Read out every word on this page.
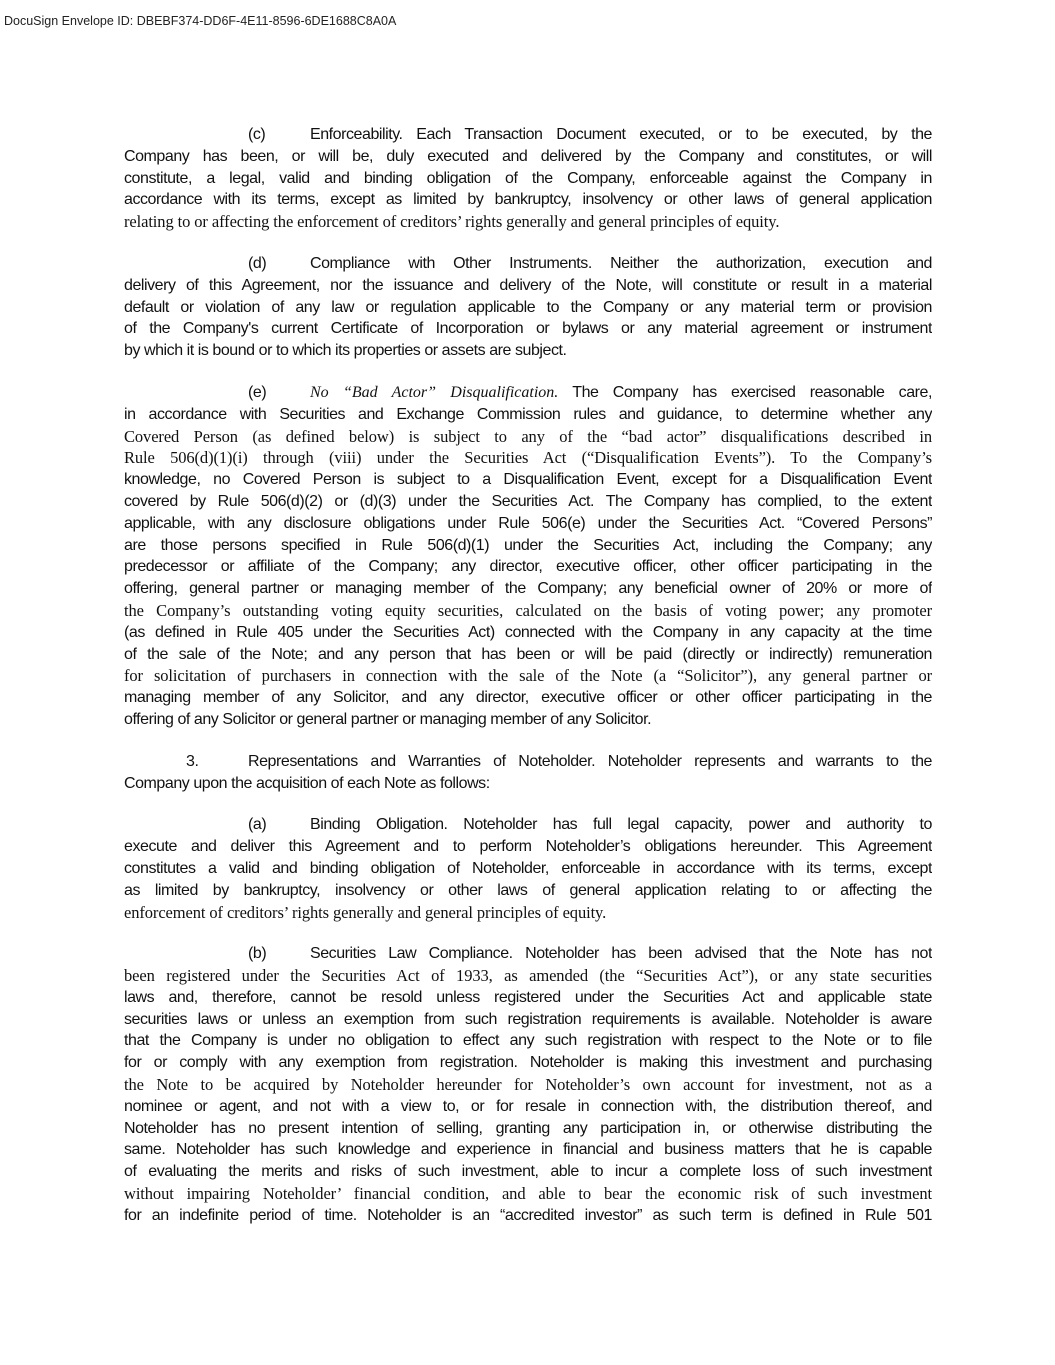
DocuSign Envelope ID: DBEBF374-DD6F-4E11-8596-6DE1688C8A0A
(c)	Enforceability. Each Transaction Document executed, or to be executed, by the
Company has been, or will be, duly executed and delivered by the Company and constitutes, or will
constitute, a legal, valid and binding obligation of the Company, enforceable against the Company in
accordance with its terms, except as limited by bankruptcy, insolvency or other laws of general application
relating to or affecting the enforcement of creditors’ rights generally and general principles of equity.
(d)	Compliance with Other Instruments. Neither the authorization, execution and
delivery of this Agreement, nor the issuance and delivery of the Note, will constitute or result in a material
default or violation of any law or regulation applicable to the Company or any material term or provision
of the Company's current Certificate of Incorporation or bylaws or any material agreement or instrument
by which it is bound or to which its properties or assets are subject.
(e)	No “Bad Actor” Disqualification. The Company has exercised reasonable care,
in accordance with Securities and Exchange Commission rules and guidance, to determine whether any
Covered Person (as defined below) is subject to any of the “bad actor” disqualifications described in
Rule 506(d)(1)(i) through (viii) under the Securities Act (“Disqualification Events”). To the Company’s
knowledge, no Covered Person is subject to a Disqualification Event, except for a Disqualification Event
covered by Rule 506(d)(2) or (d)(3) under the Securities Act. The Company has complied, to the extent
applicable, with any disclosure obligations under Rule 506(e) under the Securities Act. “Covered Persons”
are those persons specified in Rule 506(d)(1) under the Securities Act, including the Company; any
predecessor or affiliate of the Company; any director, executive officer, other officer participating in the
offering, general partner or managing member of the Company; any beneficial owner of 20% or more of
the Company’s outstanding voting equity securities, calculated on the basis of voting power; any promoter
(as defined in Rule 405 under the Securities Act) connected with the Company in any capacity at the time
of the sale of the Note; and any person that has been or will be paid (directly or indirectly) remuneration
for solicitation of purchasers in connection with the sale of the Note (a “Solicitor”), any general partner or
managing member of any Solicitor, and any director, executive officer or other officer participating in the
offering of any Solicitor or general partner or managing member of any Solicitor.
3.	Representations and Warranties of Noteholder. Noteholder represents and warrants to the
Company upon the acquisition of each Note as follows:
(a)	Binding Obligation. Noteholder has full legal capacity, power and authority to
execute and deliver this Agreement and to perform Noteholder’s obligations hereunder. This Agreement
constitutes a valid and binding obligation of Noteholder, enforceable in accordance with its terms, except
as limited by bankruptcy, insolvency or other laws of general application relating to or affecting the
enforcement of creditors’ rights generally and general principles of equity.
(b)	Securities Law Compliance. Noteholder has been advised that the Note has not
been registered under the Securities Act of 1933, as amended (the “Securities Act”), or any state securities
laws and, therefore, cannot be resold unless registered under the Securities Act and applicable state
securities laws or unless an exemption from such registration requirements is available. Noteholder is aware
that the Company is under no obligation to effect any such registration with respect to the Note or to file
for or comply with any exemption from registration. Noteholder is making this investment and purchasing
the Note to be acquired by Noteholder hereunder for Noteholder’s own account for investment, not as a
nominee or agent, and not with a view to, or for resale in connection with, the distribution thereof, and
Noteholder has no present intention of selling, granting any participation in, or otherwise distributing the
same. Noteholder has such knowledge and experience in financial and business matters that he is capable
of evaluating the merits and risks of such investment, able to incur a complete loss of such investment
without impairing Noteholder’ financial condition, and able to bear the economic risk of such investment
for an indefinite period of time. Noteholder is an “accredited investor” as such term is defined in Rule 501
